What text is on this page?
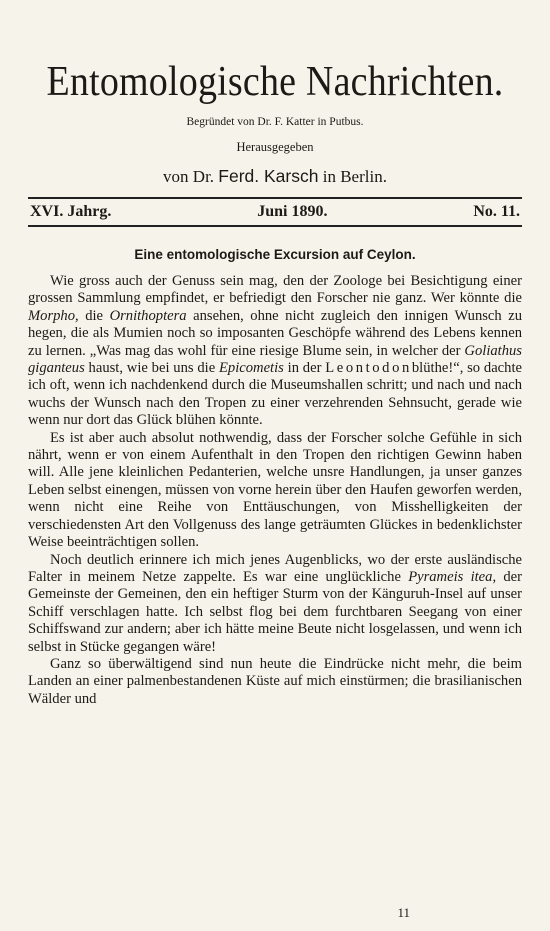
Entomologische Nachrichten.

Begründet von Dr. F. Katter in Putbus.

Herausgegeben

von Dr. Ferd. Karsch in Berlin.

XVI. Jahrg.	Juni 1890.	No. 11.
Eine entomologische Excursion auf Ceylon.

Wie gross auch der Genuss sein mag, den der Zoologe bei Besichtigung einer grossen Sammlung empfindet, er befriedigt den Forscher nie ganz. Wer könnte die Morpho, die Ornithoptera ansehen, ohne nicht zugleich den innigen Wunsch zu hegen, die als Mumien noch so imposanten Geschöpfe während des Lebens kennen zu lernen. „Was mag das wohl für eine riesige Blume sein, in welcher der Goliathus giganteus haust, wie bei uns die Epicometis in der Leontodonblüthe!“, so dachte ich oft, wenn ich nachdenkend durch die Museumshallen schritt; und nach und nach wuchs der Wunsch nach den Tropen zu einer verzehrenden Sehnsucht, gerade wie wenn nur dort das Glück blühen könnte.

Es ist aber auch absolut nothwendig, dass der Forscher solche Gefühle in sich nährt, wenn er von einem Aufenthalt in den Tropen den richtigen Gewinn haben will. Alle jene kleinlichen Pedanterien, welche unsre Handlungen, ja unser ganzes Leben selbst einengen, müssen von vorne herein über den Haufen geworfen werden, wenn nicht eine Reihe von Enttäuschungen, von Misshelligkeiten der verschiedensten Art den Vollgenuss des lange geträumten Glückes in bedenklichster Weise beeinträchtigen sollen.

Noch deutlich erinnere ich mich jenes Augenblicks, wo der erste ausländische Falter in meinem Netze zappelte. Es war eine unglückliche Pyrameis itea, der Gemeinste der Gemeinen, den ein heftiger Sturm von der Känguruh-Insel auf unser Schiff verschlagen hatte. Ich selbst flog bei dem furchtbaren Seegang von einer Schiffswand zur andern; aber ich hätte meine Beute nicht losgelassen, und wenn ich selbst in Stücke gegangen wäre!

Ganz so überwältigend sind nun heute die Eindrücke nicht mehr, die beim Landen an einer palmenbestandenen Küste auf mich einstürmen; die brasilianischen Wälder und

11
